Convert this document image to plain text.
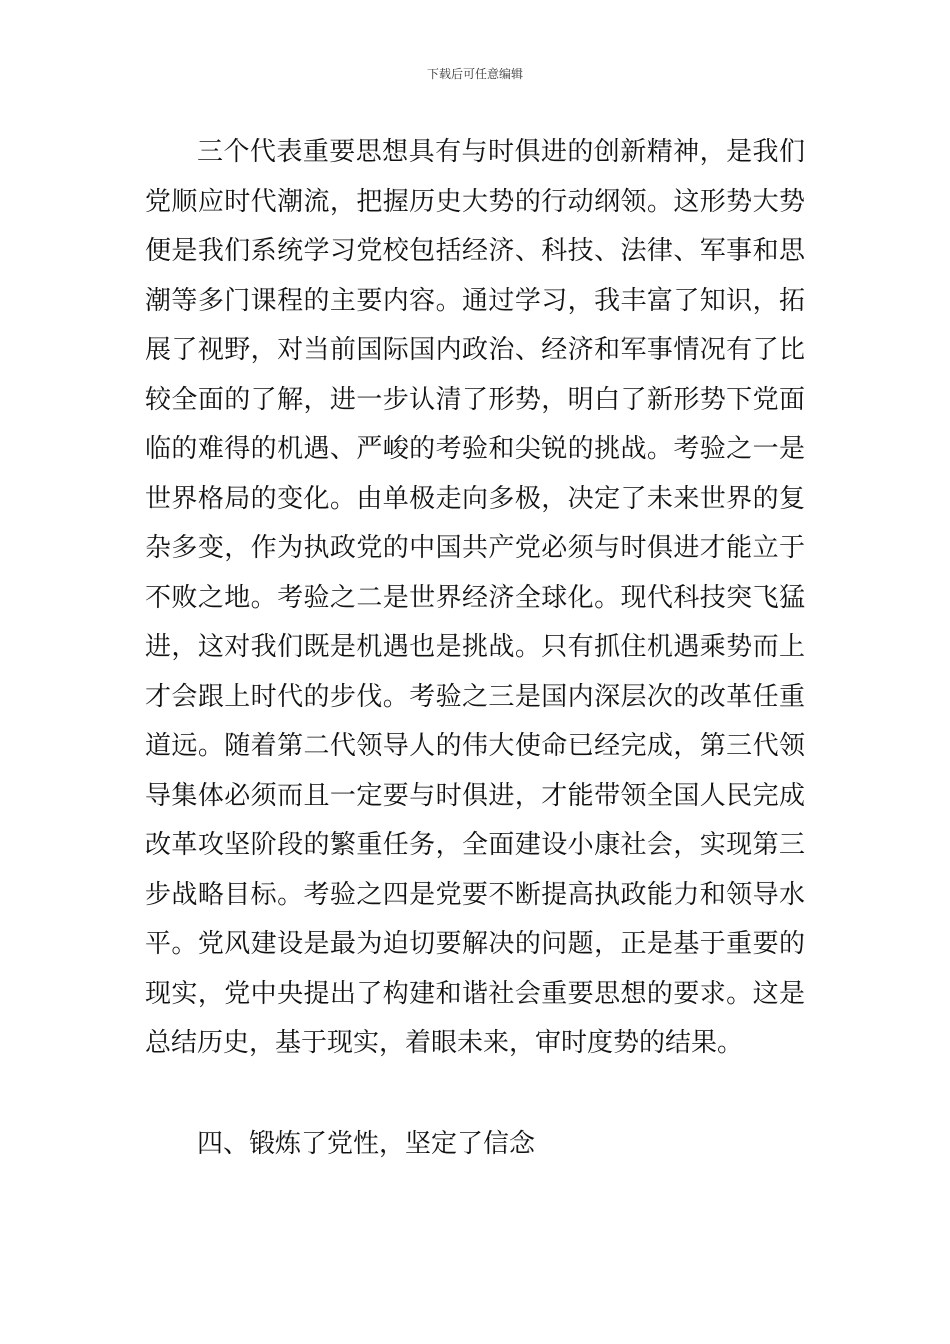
下载后可任意编辑
三个代表重要思想具有与时俱进的创新精神，是我们
党顺应时代潮流，把握历史大势的行动纲领。这形势大势
便是我们系统学习党校包括经济、科技、法律、军事和思
潮等多门课程的主要内容。通过学习，我丰富了知识，拓
展了视野，对当前国际国内政治、经济和军事情况有了比
较全面的了解，进一步认清了形势，明白了新形势下党面
临的难得的机遇、严峻的考验和尖锐的挑战。考验之一是
世界格局的变化。由单极走向多极，决定了未来世界的复
杂多变，作为执政党的中国共产党必须与时俱进才能立于
不败之地。考验之二是世界经济全球化。现代科技突飞猛
进，这对我们既是机遇也是挑战。只有抓住机遇乘势而上
才会跟上时代的步伐。考验之三是国内深层次的改革任重
道远。随着第二代领导人的伟大使命已经完成，第三代领
导集体必须而且一定要与时俱进，才能带领全国人民完成
改革攻坚阶段的繁重任务，全面建设小康社会，实现第三
步战略目标。考验之四是党要不断提高执政能力和领导水
平。党风建设是最为迫切要解决的问题，正是基于重要的
现实，党中央提出了构建和谐社会重要思想的要求。这是
总结历史，基于现实，着眼未来，审时度势的结果。
四、锻炼了党性，坚定了信念
